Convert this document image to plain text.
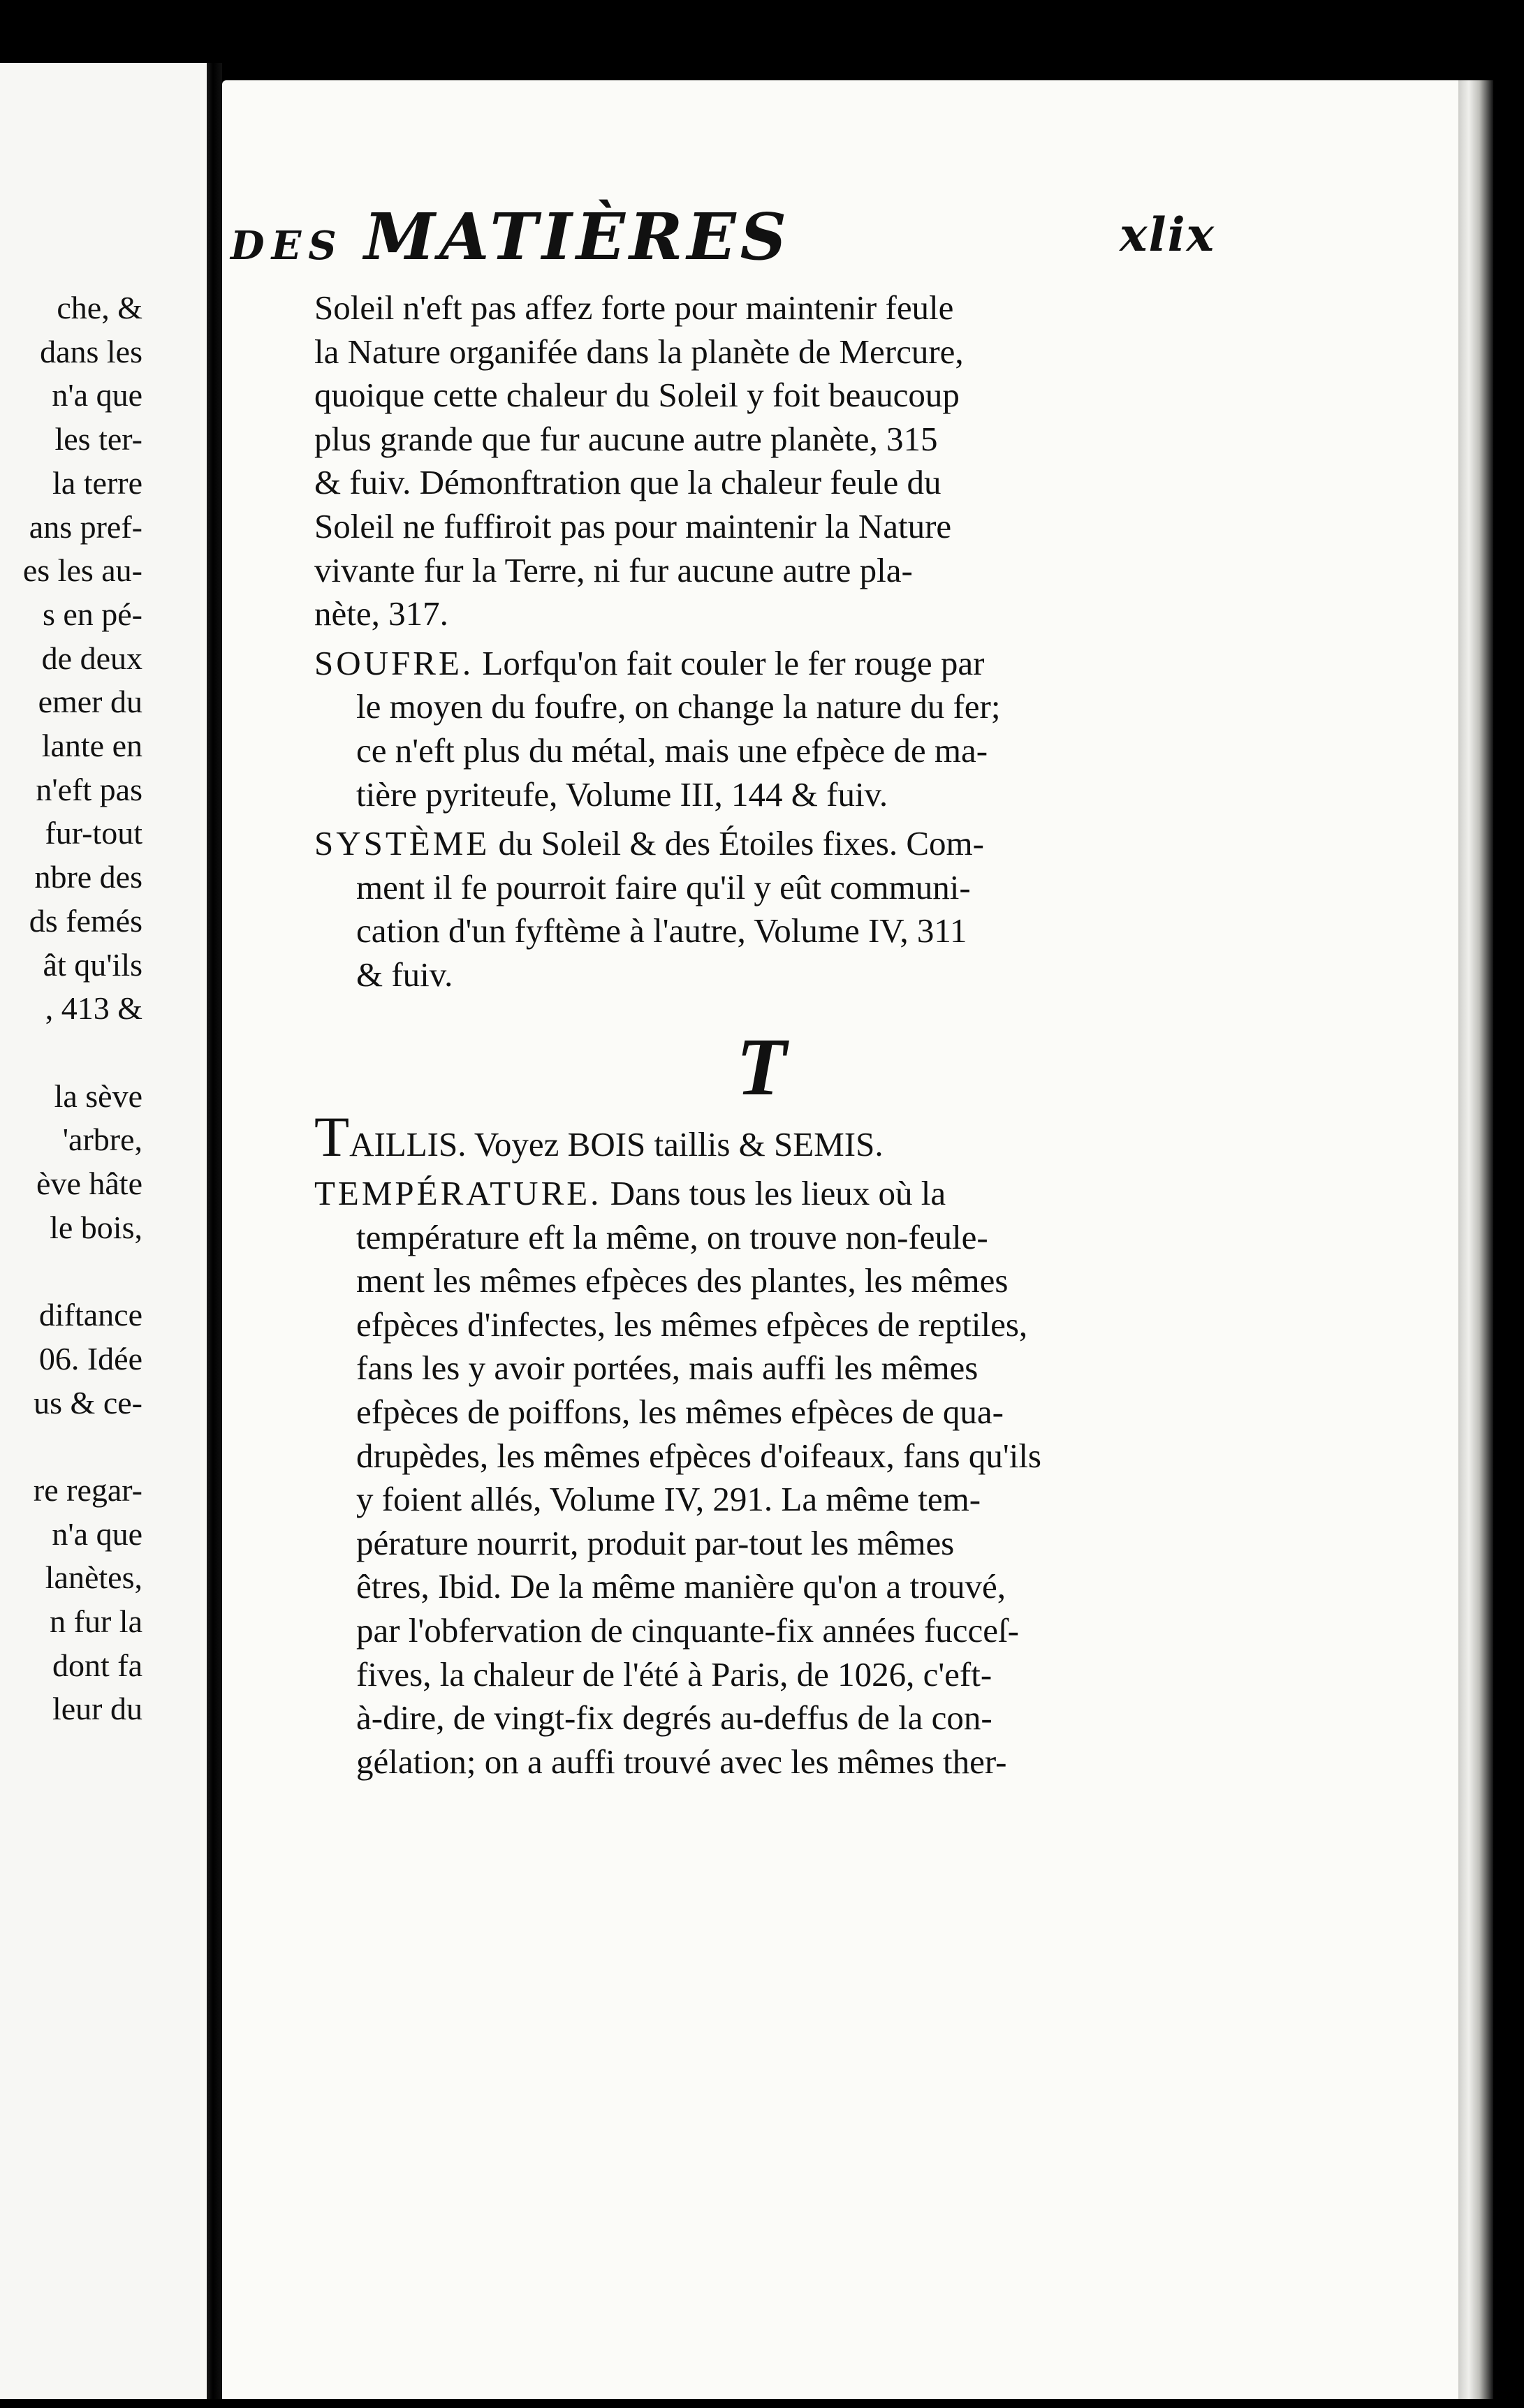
che, &
dans les
n'a que
les ter-
la terre
ans pref-
es les au-
s en pé-
de deux
emer du
lante en
n'eft pas
fur-tout
nbre des
ds femés
ât qu'ils
, 413 &
la sève
'arbre,
ève hâte
le bois,
diftance
06. Idée
us & ce-
re regar-
n'a que
lanètes,
n fur la
dont fa
leur du
DES MATIÈRES	xlix
Soleil n'eft pas affez forte pour maintenir feule
la Nature organifée dans la planète de Mercure,
quoique cette chaleur du Soleil y foit beaucoup
plus grande que fur aucune autre planète, 315
& fuiv. Démonftration que la chaleur feule du
Soleil ne fuffiroit pas pour maintenir la Nature
vivante fur la Terre, ni fur aucune autre pla-
nète, 317.
SOUFRE. Lorfqu'on fait couler le fer rouge par
le moyen du foufre, on change la nature du fer;
ce n'eft plus du métal, mais une efpèce de ma-
tière pyriteufe, Volume III, 144 & fuiv.
SYSTÈME du Soleil & des Étoiles fixes. Com-
ment il fe pourroit faire qu'il y eût communi-
cation d'un fyftème à l'autre, Volume IV, 311
& fuiv.
T
TAILLIS. Voyez BOIS taillis & SEMIS.
TEMPÉRATURE. Dans tous les lieux où la
température eft la même, on trouve non-feule-
ment les mêmes efpèces des plantes, les mêmes
efpèces d'infectes, les mêmes efpèces de reptiles,
fans les y avoir portées, mais auffi les mêmes
efpèces de poiffons, les mêmes efpèces de qua-
drupèdes, les mêmes efpèces d'oifeaux, fans qu'ils
y foient allés, Volume IV, 291. La même tem-
pérature nourrit, produit par-tout les mêmes
êtres, Ibid. De la même manière qu'on a trouvé,
par l'obfervation de cinquante-fix années fucceſ-
fives, la chaleur de l'été à Paris, de 1026, c'eft-
à-dire, de vingt-fix degrés au-deffus de la con-
gélation; on a auffi trouvé avec les mêmes ther-
